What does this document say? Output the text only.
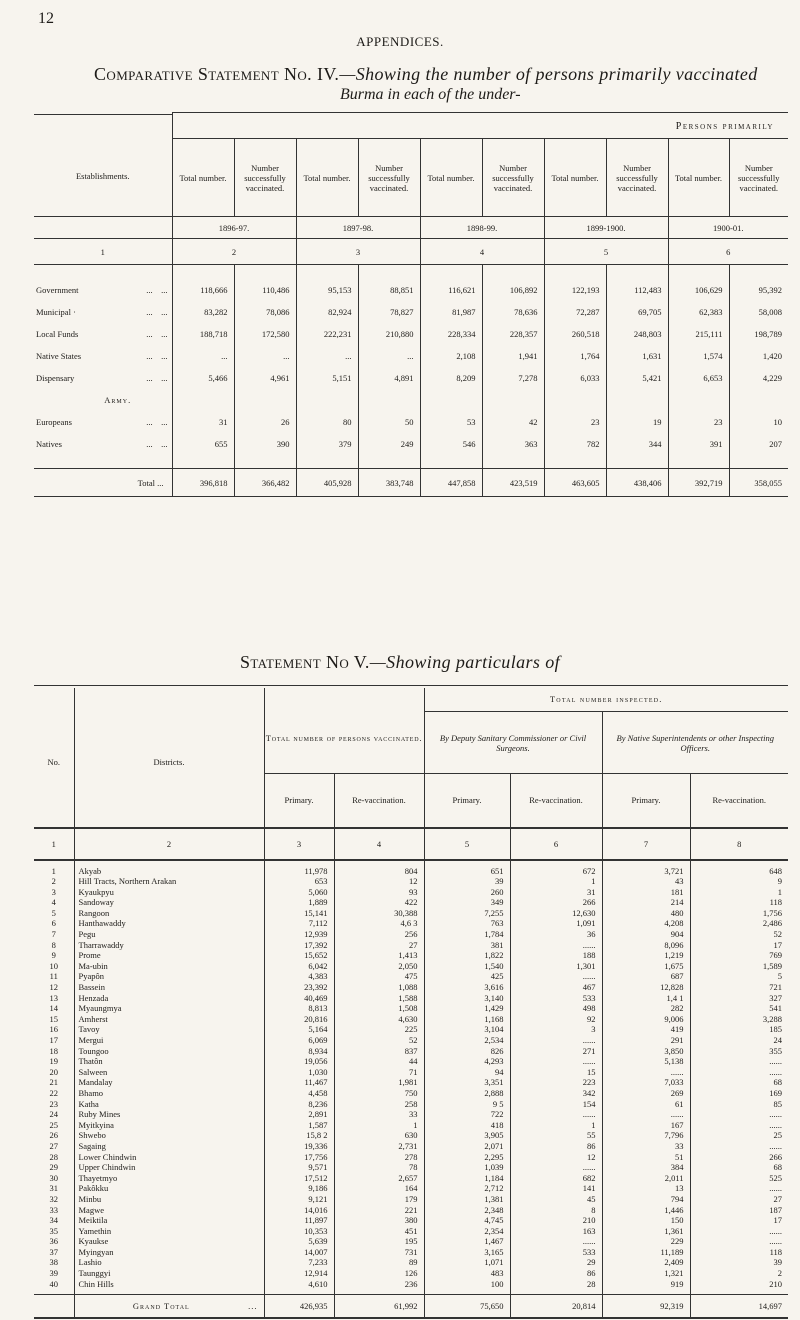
12
APPENDICES.
Comparative Statement No. IV.—Showing the number of persons primarily vaccinated
Burma in each of the under-

Establishments.	Persons primarily									
	Total number.	Number successfully vaccinated.	Total number.	Number successfully vaccinated.	Total number.	Number successfully vaccinated.	Total number.	Number successfully vaccinated.	Total number.	Number successfully vaccinated.
	1896-97.		1897-98.		1898-99.		1899-1900.		1900-01.	
1	2		3		4		5		6	

Government ...    ...	118,666	110,486	95,153	88,851	116,621	106,892	122,193	112,483	106,629	95,392
Municipal · ...    ...	83,282	78,086	82,924	78,827	81,987	78,636	72,287	69,705	62,383	58,008
Local Funds ...    ...	188,718	172,580	222,231	210,880	228,334	228,357	260,518	248,803	215,111	198,789
Native States ...    ...	...	...	...	...	2,108	1,941	1,764	1,631	1,574	1,420
Dispensary ...    ...	5,466	4,961	5,151	4,891	8,209	7,278	6,033	5,421	6,653	4,229
Army.										
Europeans ...    ...	31	26	80	50	53	42	23	19	23	10
Natives ...    ...	655	390	379	249	546	363	782	344	391	207

Total ...	396,818	366,482	405,928	383,748	447,858	423,519	463,605	438,406	392,719	358,055
Statement No V.—Showing particulars of

No.	Districts.	Total number of persons vaccinated.		Total number inspected.			
				By Deputy Sanitary Commissioner or Civil Surgeons.		By Native Superintendents or other Inspecting Officers.	
		Primary.	Re-vaccination.	Primary.	Re-vaccination.	Primary.	Re-vaccination.
1	2	3	4	5	6	7	8

1	Akyab	11,978	804	651	672	3,721	648
2	Hill Tracts, Northern Arakan	653	12	39	1	43	9
3	Kyaukpyu	5,060	93	260	31	181	1
4	Sandoway	1,889	422	349	266	214	118
5	Rangoon	15,141	30,388	7,255	12,630	480	1,756
6	Hanthawaddy	7,112	4,6 3	763	1,091	4,208	2,486
7	Pegu	12,939	256	1,784	36	904	52
8	Tharrawaddy	17,392	27	381	......	8,096	17
9	Prome	15,652	1,413	1,822	188	1,219	769
10	Ma-ubin	6,042	2,050	1,540	1,301	1,675	1,589
11	Pyapôn	4,383	475	425	......	687	5
12	Bassein	23,392	1,088	3,616	467	12,828	721
13	Henzada	40,469	1,588	3,140	533	1,4 1	327
14	Myaungmya	8,813	1,508	1,429	498	282	541
15	Amherst	20,816	4,630	1,168	92	9,006	3,288
16	Tavoy	5,164	225	3,104	3	419	185
17	Mergui	6,069	52	2,534	......	291	24
18	Toungoo	8,934	837	826	271	3,850	355
19	Thatôn	19,056	44	4,293	......	5,138	......
20	Salween	1,030	71	94	15	......	......
21	Mandalay	11,467	1,981	3,351	223	7,033	68
22	Bhamo	4,458	750	2,888	342	269	169
23	Katha	8,236	258	9 5	154	61	85
24	Ruby Mines	2,891	33	722	......	......	......
25	Myitkyina	1,587	1	418	1	167	......
26	Shwebo	15,8 2	630	3,905	55	7,796	25
27	Sagaing	19,336	2,731	2,071	86	33	......
28	Lower Chindwin	17,756	278	2,295	12	51	266
29	Upper Chindwin	9,571	78	1,039	......	384	68
30	Thayetmyo	17,512	2,657	1,184	682	2,011	525
31	Pakôkku	9,186	164	2,712	141	13	......
32	Minbu	9,121	179	1,381	45	794	27
33	Magwe	14,016	221	2,348	8	1,446	187
34	Meiktila	11,897	380	4,745	210	150	17
35	Yamethin	10,353	451	2,354	163	1,361	......
36	Kyaukse	5,639	195	1,467	......	229	......
37	Myingyan	14,007	731	3,165	533	11,189	118
38	Lashio	7,233	89	1,071	29	2,409	39
39	Taunggyi	12,914	126	483	86	1,321	2
40	Chin Hills	4,610	236	100	28	919	210

	Grand Total ...	426,935	61,992	75,650	20,814	92,319	14,697
